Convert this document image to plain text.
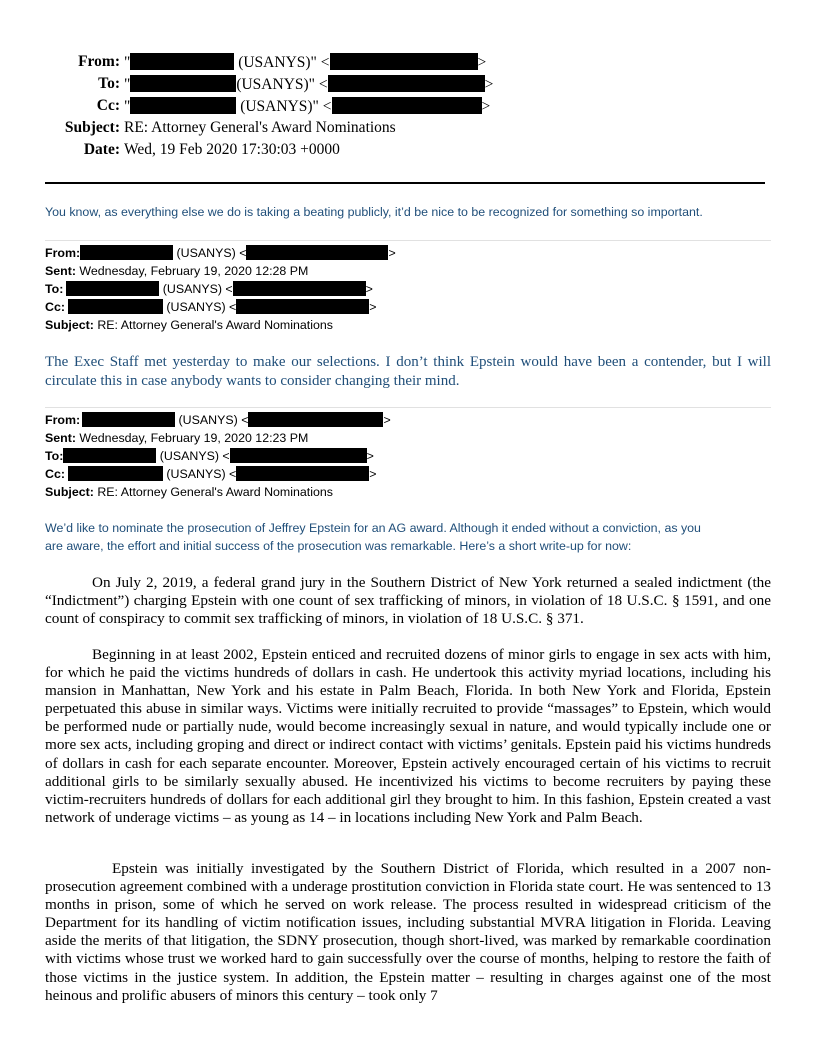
From: "	(USANYS)" <	>
To: "	(USANYS)" <	>
Cc: "	(USANYS)" <	>
Subject: RE: Attorney General's Award Nominations
Date: Wed, 19 Feb 2020 17:30:03 +0000
You know, as everything else we do is taking a beating publicly, it’d be nice to be recognized for something so important.
From:	(USANYS) <	>
Sent: Wednesday, February 19, 2020 12:28 PM
To:	(USANYS) <	>
Cc:	(USANYS) <	>
Subject: RE: Attorney General's Award Nominations
The Exec Staff met yesterday to make our selections. I don’t think Epstein would have been a contender, but I will circulate this in case anybody wants to consider changing their mind.
From:	(USANYS) <	>
Sent: Wednesday, February 19, 2020 12:23 PM
To:	(USANYS) <	>
Cc:	(USANYS) <	>
Subject: RE: Attorney General's Award Nominations
We’d like to nominate the prosecution of Jeffrey Epstein for an AG award. Although it ended without a conviction, as you
are aware, the effort and initial success of the prosecution was remarkable. Here’s a short write-up for now:

On July 2, 2019, a federal grand jury in the Southern District of New York returned a sealed indictment (the “Indictment”) charging Epstein with one count of sex trafficking of minors, in violation of 18 U.S.C. § 1591, and one count of conspiracy to commit sex trafficking of minors, in violation of 18 U.S.C. § 371.

Beginning in at least 2002, Epstein enticed and recruited dozens of minor girls to engage in sex acts with him, for which he paid the victims hundreds of dollars in cash. He undertook this activity myriad locations, including his mansion in Manhattan, New York and his estate in Palm Beach, Florida. In both New York and Florida, Epstein perpetuated this abuse in similar ways. Victims were initially recruited to provide “massages” to Epstein, which would be performed nude or partially nude, would become increasingly sexual in nature, and would typically include one or more sex acts, including groping and direct or indirect contact with victims’ genitals. Epstein paid his victims hundreds of dollars in cash for each separate encounter. Moreover, Epstein actively encouraged certain of his victims to recruit additional girls to be similarly sexually abused. He incentivized his victims to become recruiters by paying these victim-recruiters hundreds of dollars for each additional girl they brought to him. In this fashion, Epstein created a vast network of underage victims – as young as 14 – in locations including New York and Palm Beach.

Epstein was initially investigated by the Southern District of Florida, which resulted in a 2007 non-prosecution agreement combined with a underage prostitution conviction in Florida state court. He was sentenced to 13 months in prison, some of which he served on work release. The process resulted in widespread criticism of the Department for its handling of victim notification issues, including substantial MVRA litigation in Florida. Leaving aside the merits of that litigation, the SDNY prosecution, though short-lived, was marked by remarkable coordination with victims whose trust we worked hard to gain successfully over the course of months, helping to restore the faith of those victims in the justice system. In addition, the Epstein matter – resulting in charges against one of the most heinous and prolific abusers of minors this century – took only 7
